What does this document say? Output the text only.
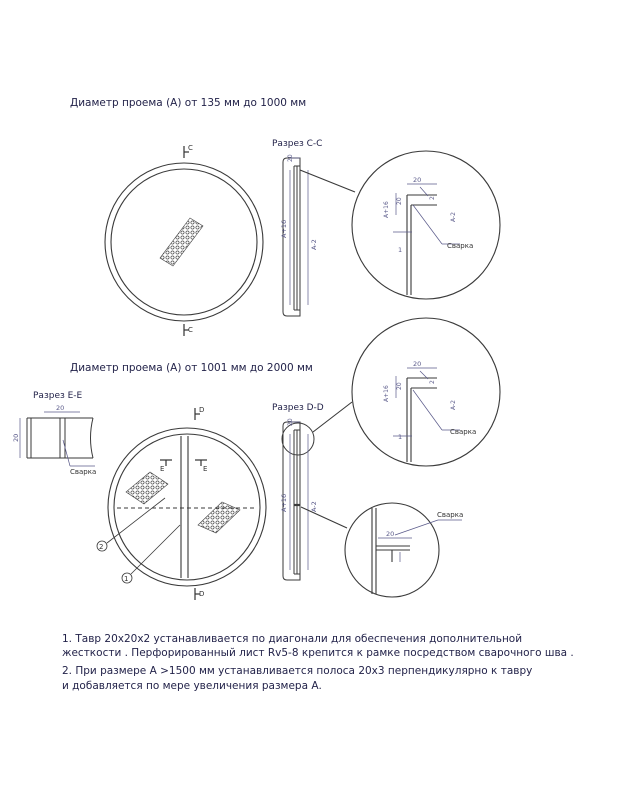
Диаметр проема (А) от 135 мм до 1000 мм
Диаметр проема (А) от 1001 мм до 2000 мм
C
C
Разрез С-С
A+16
A-2
20
20
A+16
20	2
A-2
1	Сварка
D
D
E	E
2
1
Разрез E-E
20
20
Сварка
Разрез D-D
A+16	A-2
20
20
A+16 20
2
A-2
1
Сварка
20
Сварка
1. Тавр 20х20х2 устанавливается по диагонали для обеспечения дополнительной
жесткости . Перфорированный лист Rv5-8 крепится к рамке посредством сварочного шва .
2. При размере А >1500 мм устанавливается полоса 20х3 перпендикулярно к тавру
и добавляется по мере увеличения размера А.
